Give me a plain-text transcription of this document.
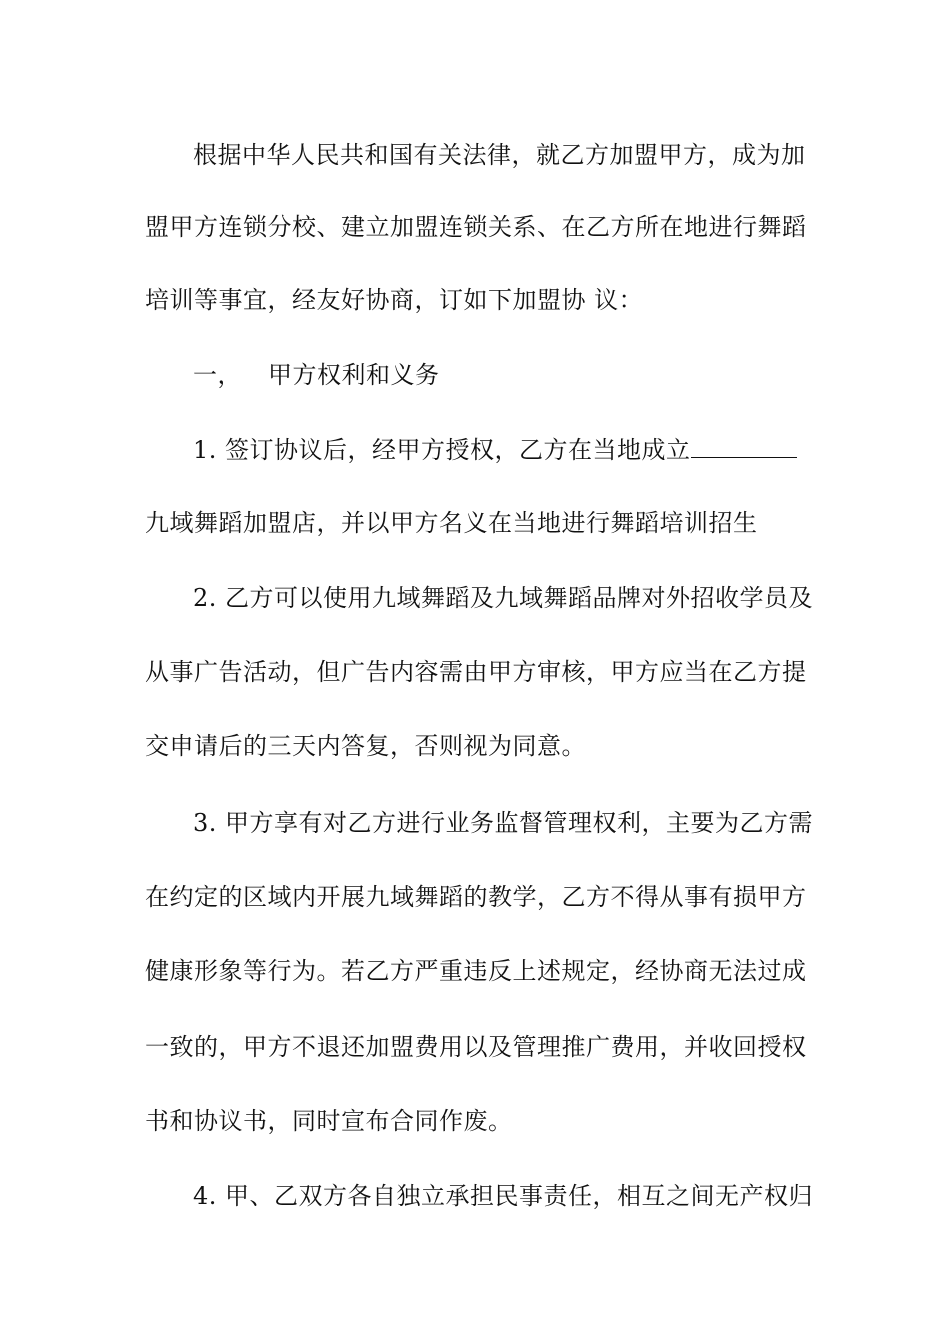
根据中华人民共和国有关法律，就乙方加盟甲方，成为加
盟甲方连锁分校、建立加盟连锁关系、在乙方所在地进行舞蹈
培训等事宜，经友好协商，订如下加盟协 议：
一， 甲方权利和义务
1. 签订协议后，经甲方授权，乙方在当地成立
九域舞蹈加盟店，并以甲方名义在当地进行舞蹈培训招生
2. 乙方可以使用九域舞蹈及九域舞蹈品牌对外招收学员及
从事广告活动，但广告内容需由甲方审核，甲方应当在乙方提
交申请后的三天内答复，否则视为同意。
3. 甲方享有对乙方进行业务监督管理权利，主要为乙方需
在约定的区域内开展九域舞蹈的教学，乙方不得从事有损甲方
健康形象等行为。若乙方严重违反上述规定，经协商无法过成
一致的，甲方不退还加盟费用以及管理推广费用，并收回授权
书和协议书，同时宣布合同作废。
4. 甲、乙双方各自独立承担民事责任，相互之间无产权归
